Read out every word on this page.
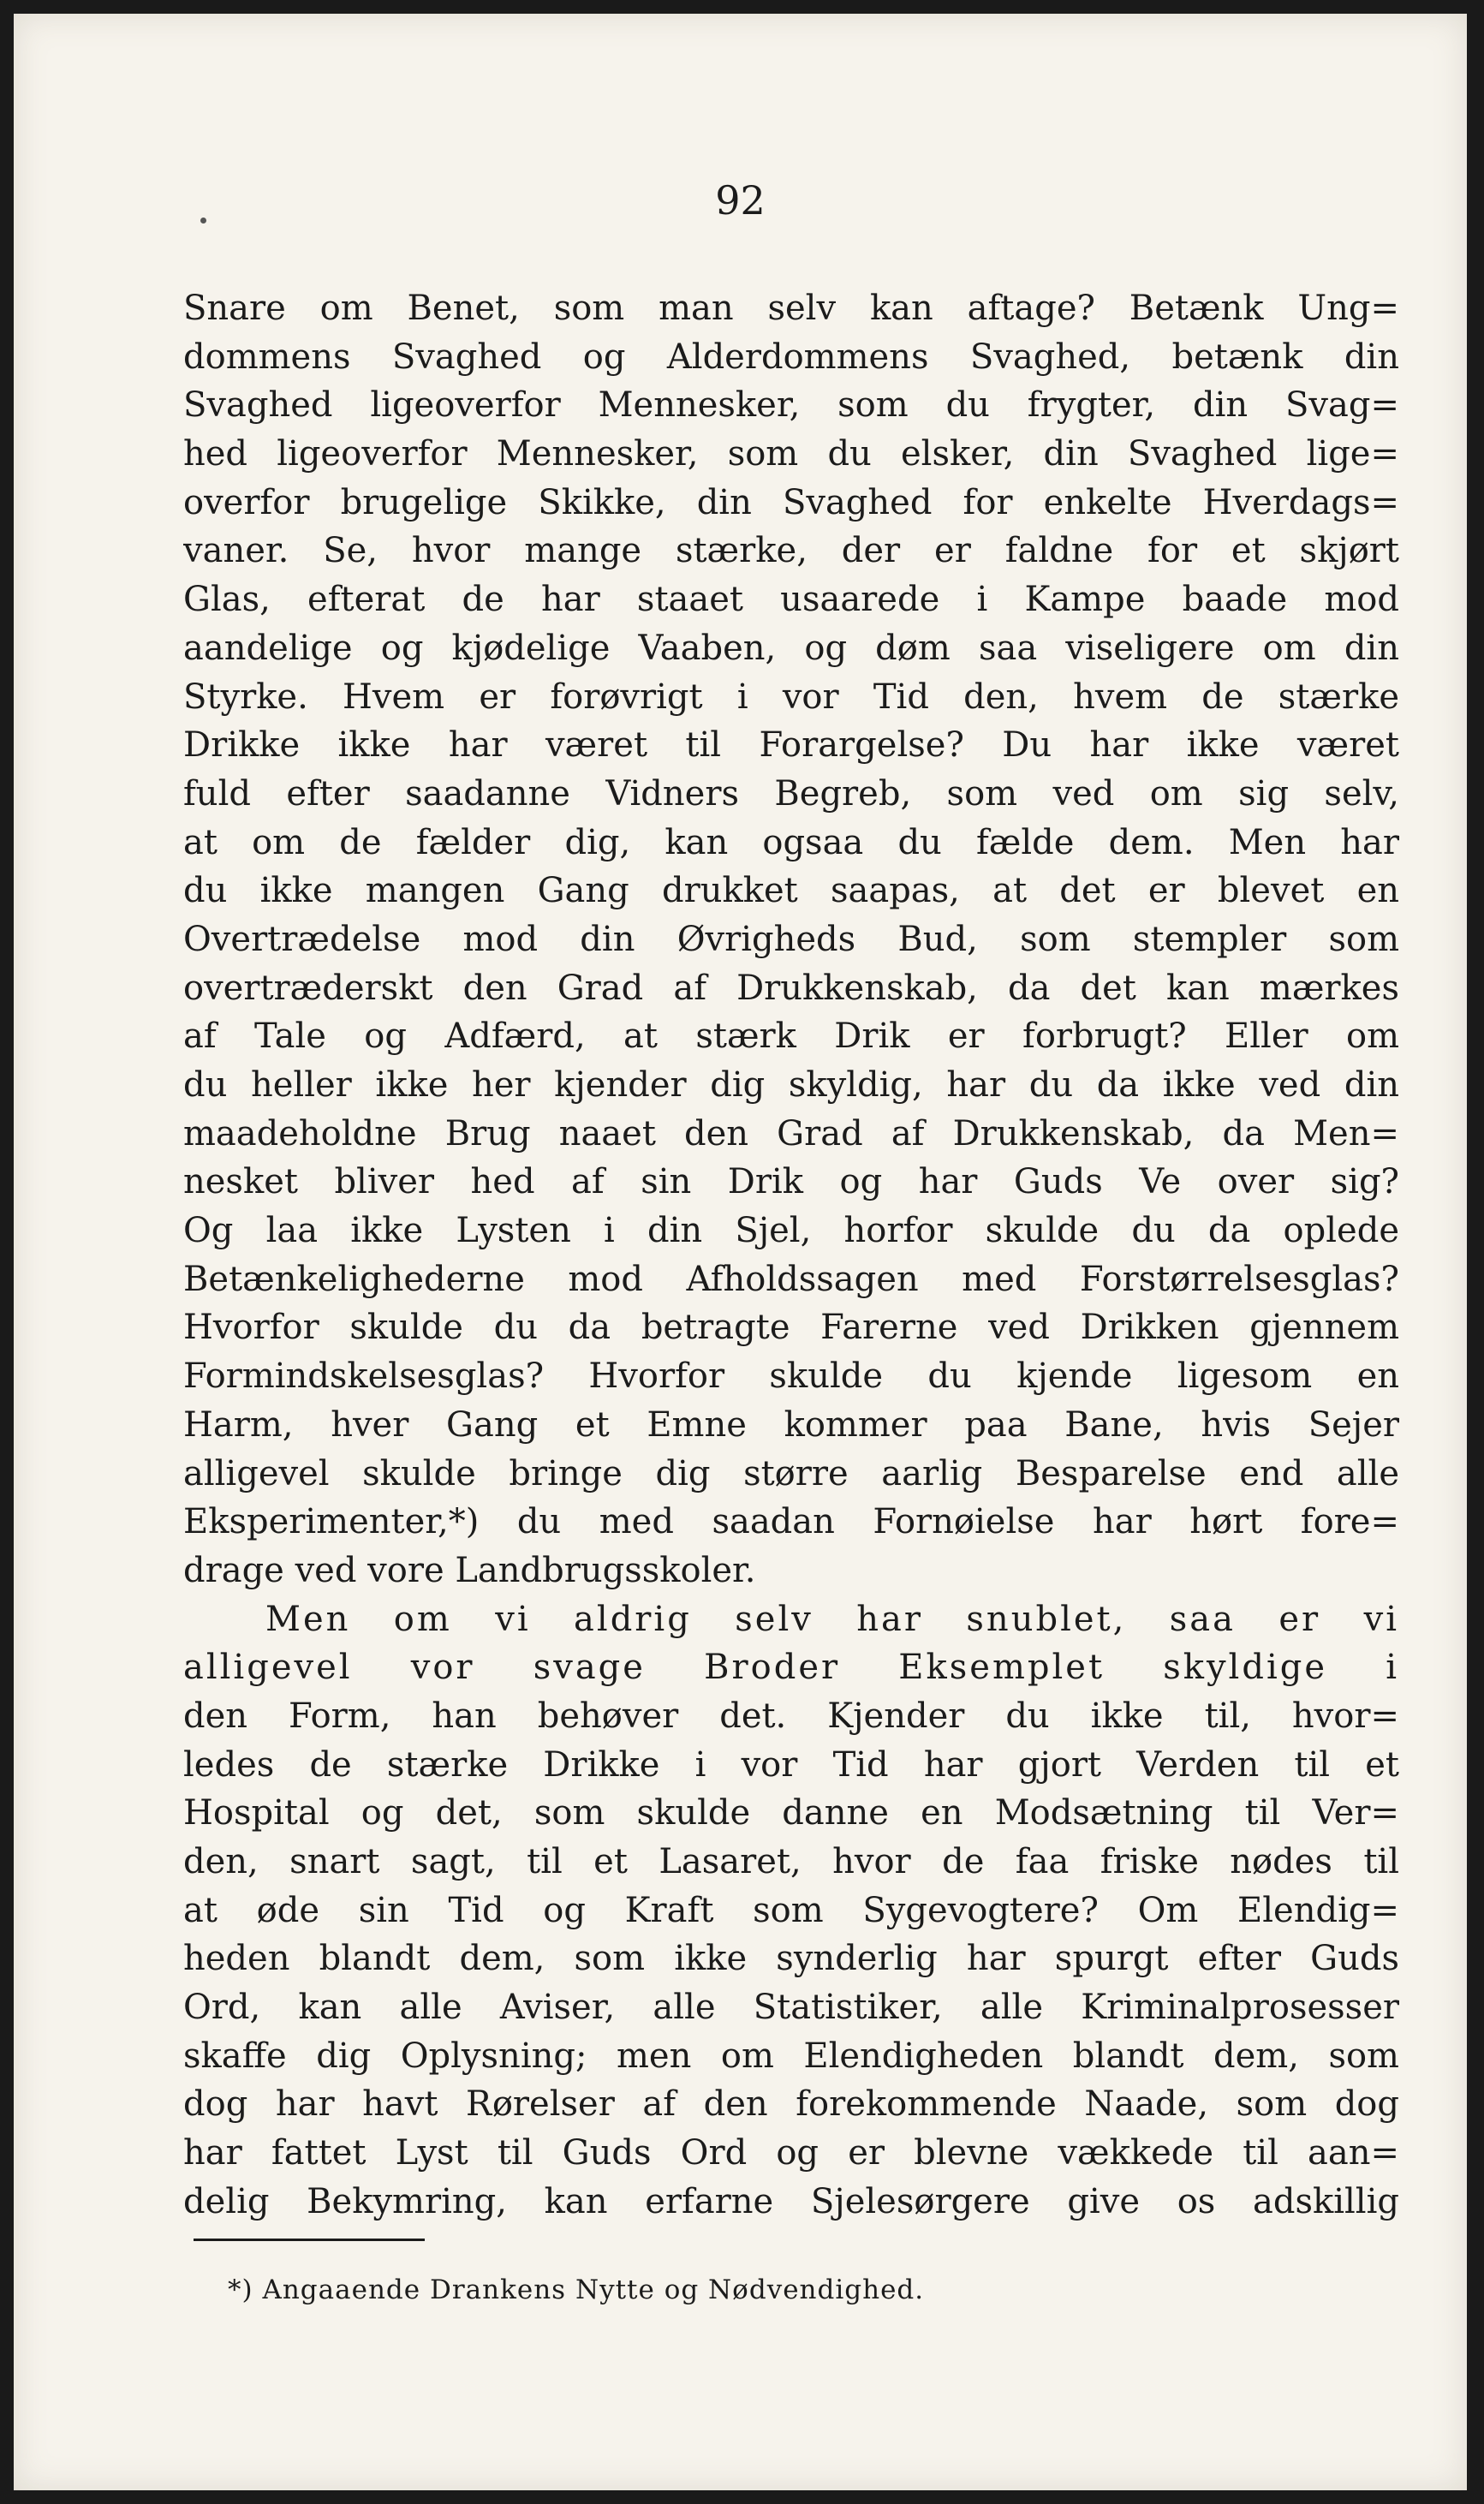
92
Snare om Benet, som man selv kan aftage? Betænk Ung=
dommens Svaghed og Alderdommens Svaghed, betænk din
Svaghed ligeoverfor Mennesker, som du frygter, din Svag=
hed ligeoverfor Mennesker, som du elsker, din Svaghed lige=
overfor brugelige Skikke, din Svaghed for enkelte Hverdags=
vaner. Se, hvor mange stærke, der er faldne for et skjørt
Glas, efterat de har staaet usaarede i Kampe baade mod
aandelige og kjødelige Vaaben, og døm saa viseligere om din
Styrke. Hvem er forøvrigt i vor Tid den, hvem de stærke
Drikke ikke har været til Forargelse? Du har ikke været
fuld efter saadanne Vidners Begreb, som ved om sig selv,
at om de fælder dig, kan ogsaa du fælde dem. Men har
du ikke mangen Gang drukket saapas, at det er blevet en
Overtrædelse mod din Øvrigheds Bud, som stempler som
overtræderskt den Grad af Drukkenskab, da det kan mærkes
af Tale og Adfærd, at stærk Drik er forbrugt? Eller om
du heller ikke her kjender dig skyldig, har du da ikke ved din
maadeholdne Brug naaet den Grad af Drukkenskab, da Men=
nesket bliver hed af sin Drik og har Guds Ve over sig?
Og laa ikke Lysten i din Sjel, horfor skulde du da oplede
Betænkelighederne mod Afholdssagen med Forstørrelsesglas?
Hvorfor skulde du da betragte Farerne ved Drikken gjennem
Formindskelsesglas? Hvorfor skulde du kjende ligesom en
Harm, hver Gang et Emne kommer paa Bane, hvis Sejer
alligevel skulde bringe dig større aarlig Besparelse end alle
Eksperimenter,*) du med saadan Fornøielse har hørt fore=
drage ved vore Landbrugsskoler.
Men om vi aldrig selv har snublet, saa er vi
alligevel vor svage Broder Eksemplet skyldige i
den Form, han behøver det. Kjender du ikke til, hvor=
ledes de stærke Drikke i vor Tid har gjort Verden til et
Hospital og det, som skulde danne en Modsætning til Ver=
den, snart sagt, til et Lasaret, hvor de faa friske nødes til
at øde sin Tid og Kraft som Sygevogtere? Om Elendig=
heden blandt dem, som ikke synderlig har spurgt efter Guds
Ord, kan alle Aviser, alle Statistiker, alle Kriminalprosesser
skaffe dig Oplysning; men om Elendigheden blandt dem, som
dog har havt Rørelser af den forekommende Naade, som dog
har fattet Lyst til Guds Ord og er blevne vækkede til aan=
delig Bekymring, kan erfarne Sjelesørgere give os adskillig
*) Angaaende Drankens Nytte og Nødvendighed.
